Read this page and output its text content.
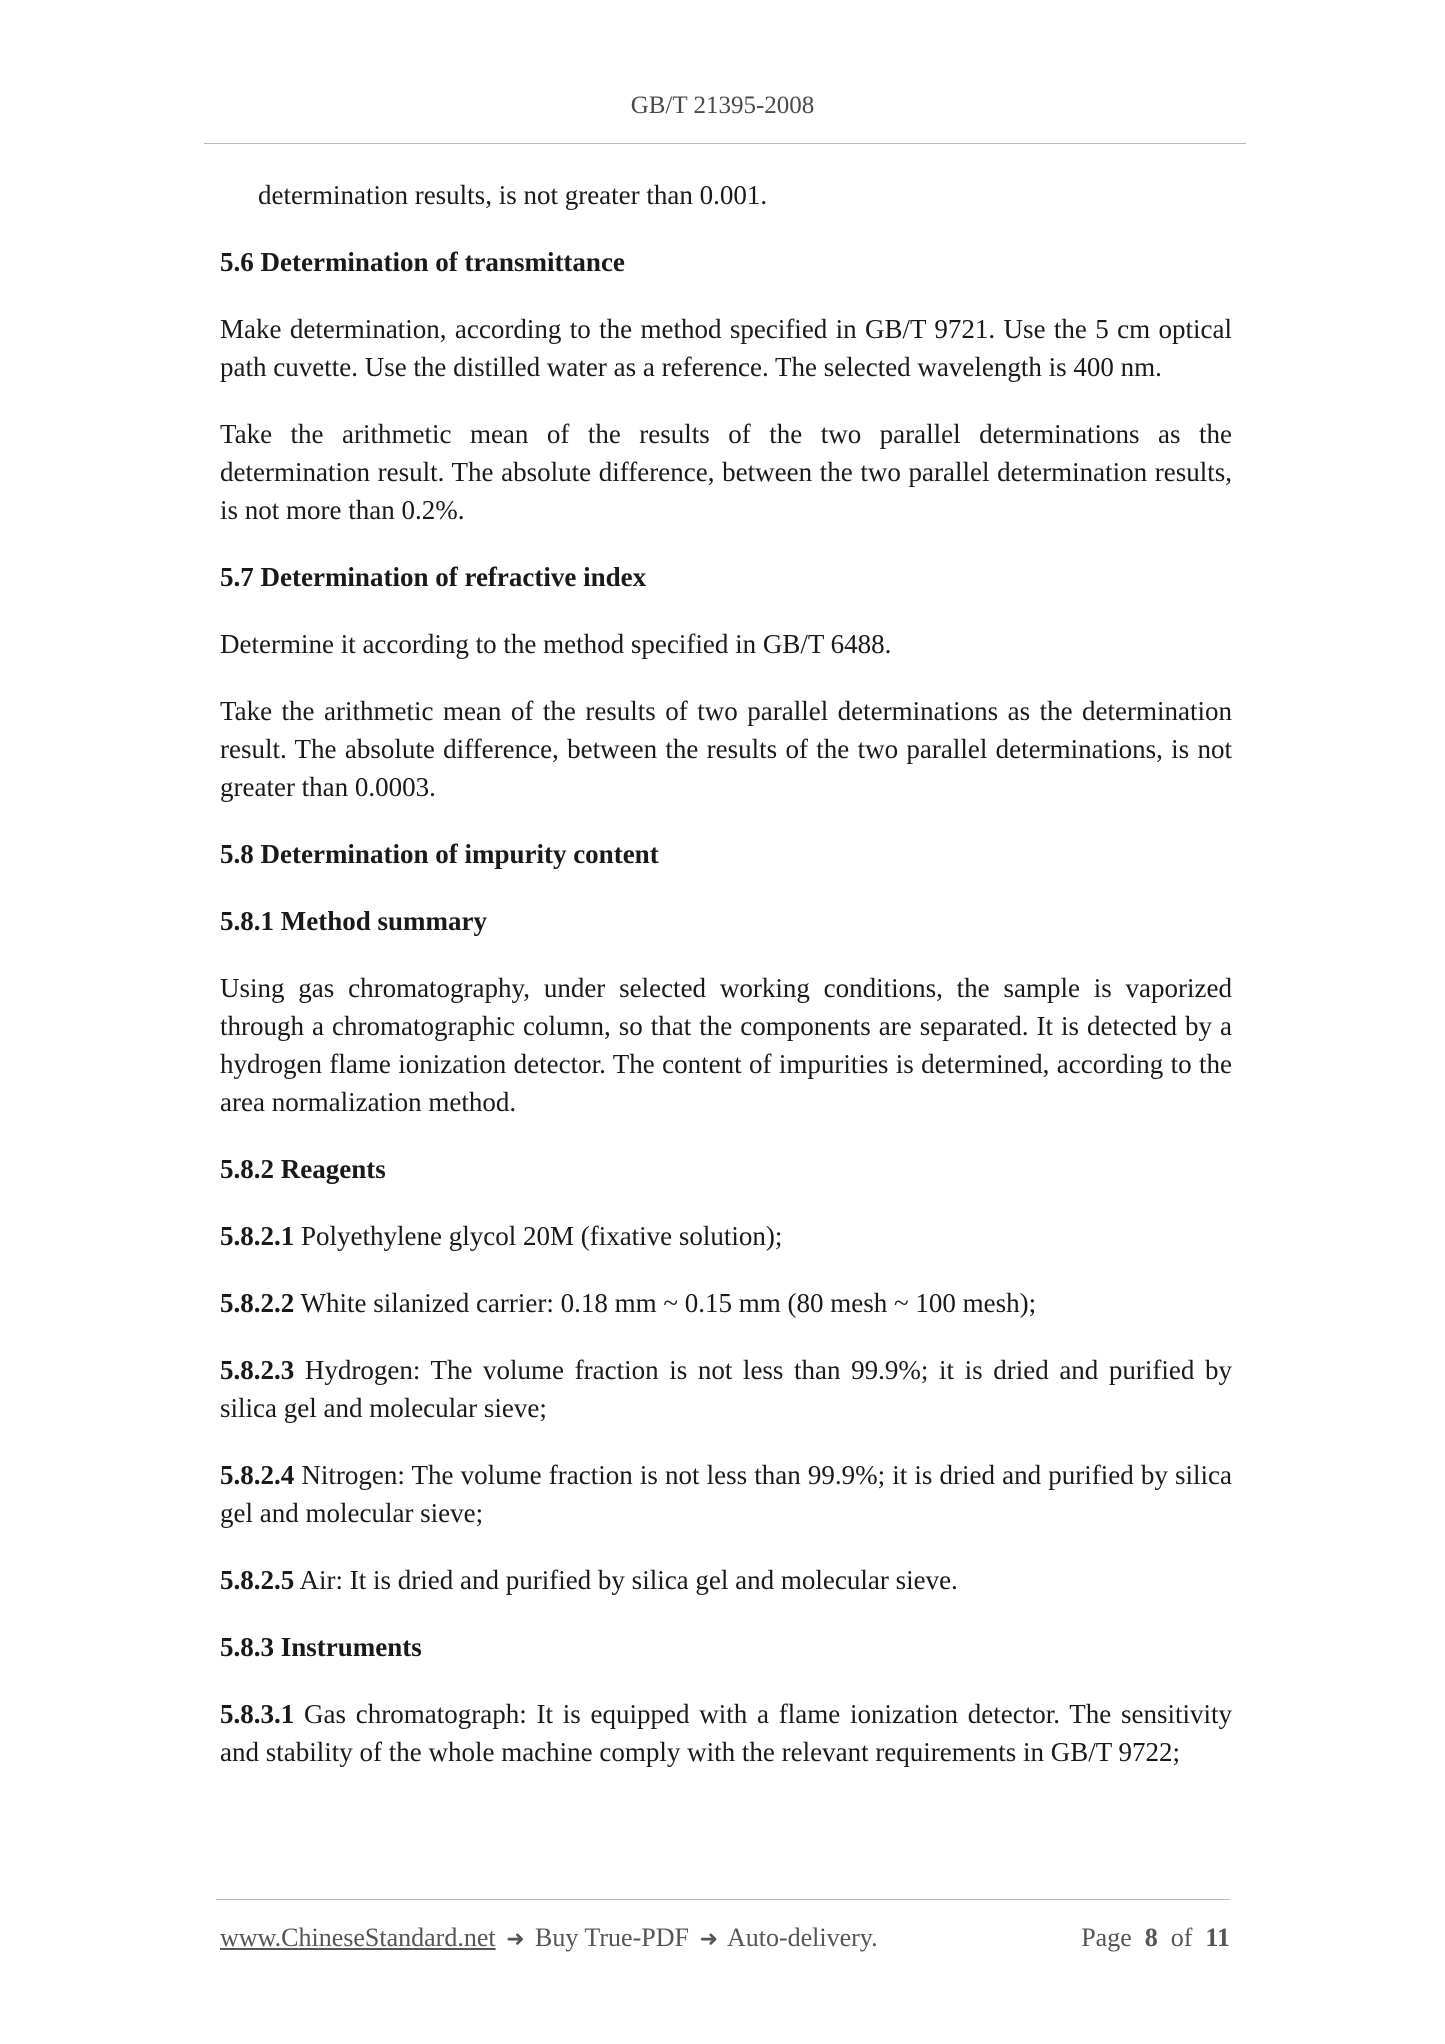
GB/T 21395-2008

determination results, is not greater than 0.001.

5.6 Determination of transmittance

Make determination, according to the method specified in GB/T 9721. Use the 5 cm optical path cuvette. Use the distilled water as a reference. The selected wavelength is 400 nm.

Take the arithmetic mean of the results of the two parallel determinations as the determination result. The absolute difference, between the two parallel determination results, is not more than 0.2%.

5.7 Determination of refractive index

Determine it according to the method specified in GB/T 6488.

Take the arithmetic mean of the results of two parallel determinations as the determination result. The absolute difference, between the results of the two parallel determinations, is not greater than 0.0003.

5.8 Determination of impurity content
5.8.1 Method summary

Using gas chromatography, under selected working conditions, the sample is vaporized through a chromatographic column, so that the components are separated. It is detected by a hydrogen flame ionization detector. The content of impurities is determined, according to the area normalization method.

5.8.2 Reagents

5.8.2.1 Polyethylene glycol 20M (fixative solution);

5.8.2.2 White silanized carrier: 0.18 mm ~ 0.15 mm (80 mesh ~ 100 mesh);

5.8.2.3 Hydrogen: The volume fraction is not less than 99.9%; it is dried and purified by silica gel and molecular sieve;

5.8.2.4 Nitrogen: The volume fraction is not less than 99.9%; it is dried and purified by silica gel and molecular sieve;

5.8.2.5 Air: It is dried and purified by silica gel and molecular sieve.

5.8.3 Instruments

5.8.3.1 Gas chromatograph: It is equipped with a flame ionization detector. The sensitivity and stability of the whole machine comply with the relevant requirements in GB/T 9722;

www.ChineseStandard.net ➜ Buy True-PDF ➜ Auto-delivery.	Page 8 of 11
